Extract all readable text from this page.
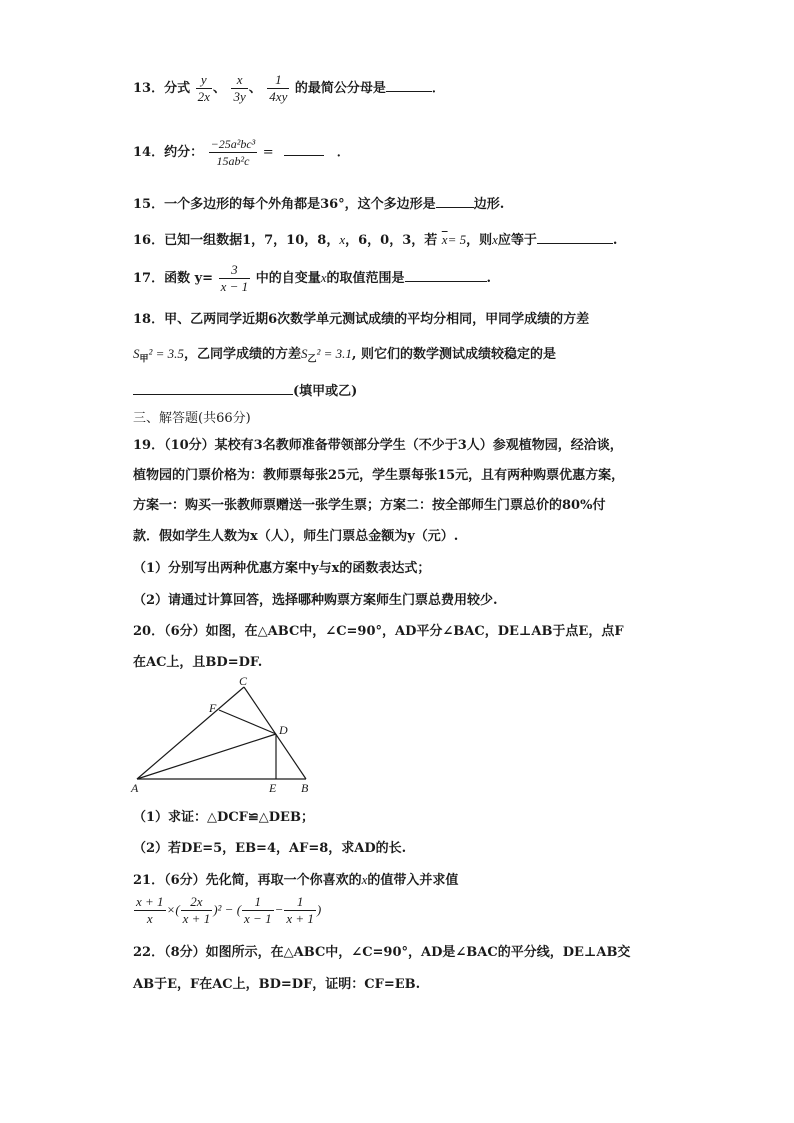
13．分式 $\frac{y}{2x}$ 、 $\frac{x}{3y}$ 、 $\frac{1}{4xy}$ 的最简公分母是	．
14．约分： $\frac{\text{−25a²bc³}}{\text{15ab²c}}$ =	．
15．一个多边形的每个外角都是36°，这个多边形是	边形.
16．已知一组数据1，7，10，8，x，6，0，3，若 $\overline{x}= 5$，则x应等于	.
17．函数 $y= \frac{3}{x - 1}$ 中的自变量x的取值范围是	.
18．甲、乙两同学近期6次数学单元测试成绩的平均分相同，甲同学成绩的方差
$S_甲^2 = 3.5$，乙同学成绩的方差$S_乙^2 = 3.1$, 则它们的数学测试成绩较稳定的是
(填甲或乙)
三、解答题(共66分)
19．（10分）某校有3名教师准备带领部分学生（不少于3人）参观植物园，经洽谈，
植物园的门票价格为：教师票每张25元，学生票每张15元，且有两种购票优惠方案，
方案一：购买一张教师票赠送一张学生票；方案二：按全部师生门票总价的80%付
款．假如学生人数为x（人），师生门票总金额为y（元）.
（1）分别写出两种优惠方案中y与x的函数表达式；
（2）请通过计算回答，选择哪种购票方案师生门票总费用较少.
20．（6分）如图，在△ABC中，∠C=90°，AD平分∠BAC，DE⊥AB于点E，点F
在AC上，且BD=DF.
C
F
D
A	E B
（1）求证：△DCF≌△DEB；
（2）若DE=5，EB=4，AF=8，求AD的长.
21．（6分）先化简，再取一个你喜欢的x的值带入并求值
$\frac{x + 1}{x}$ ×( $\frac{2x}{x + 1} )^2$ − ( $\frac{1}{x - 1} - \frac{1}{x + 1}$ )
22．（8分）如图所示，在△ABC中，∠C=90°，AD是∠BAC的平分线，DE⊥AB交
AB于E，F在AC上，BD=DF，证明：CF=EB.
